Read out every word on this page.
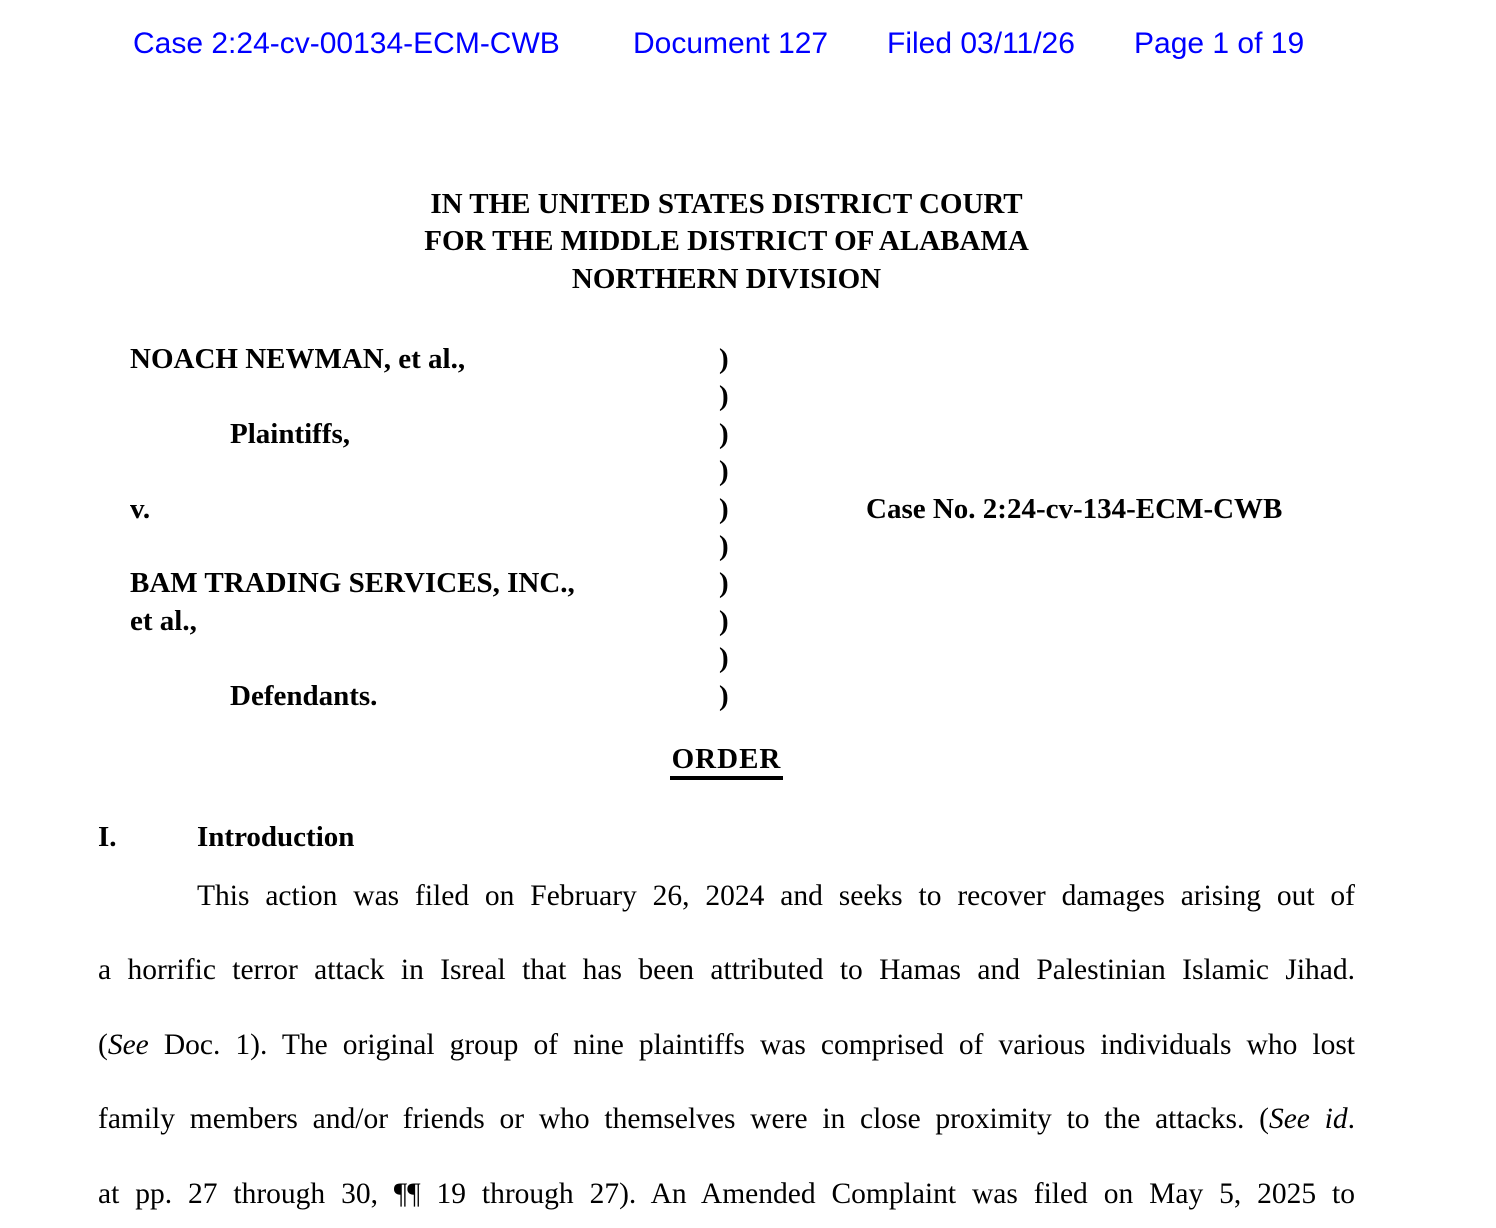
Case 2:24-cv-00134-ECM-CWB Document 127 Filed 03/11/26 Page 1 of 19
IN THE UNITED STATES DISTRICT COURT
FOR THE MIDDLE DISTRICT OF ALABAMA
NORTHERN DIVISION
NOACH NEWMAN, et al.,	)
)
Plaintiffs,	)
)
v.	)	Case No. 2:24-cv-134-ECM-CWB
)
BAM TRADING SERVICES, INC.,	)
et al.,	)
)
Defendants.	)
ORDER
I.	Introduction
This action was filed on February 26, 2024 and seeks to recover damages arising out of
a horrific terror attack in Isreal that has been attributed to Hamas and Palestinian Islamic Jihad.
(See Doc. 1). The original group of nine plaintiffs was comprised of various individuals who lost
family members and/or friends or who themselves were in close proximity to the attacks. (See id.
at pp. 27 through 30, ¶¶ 19 through 27). An Amended Complaint was filed on May 5, 2025 to
